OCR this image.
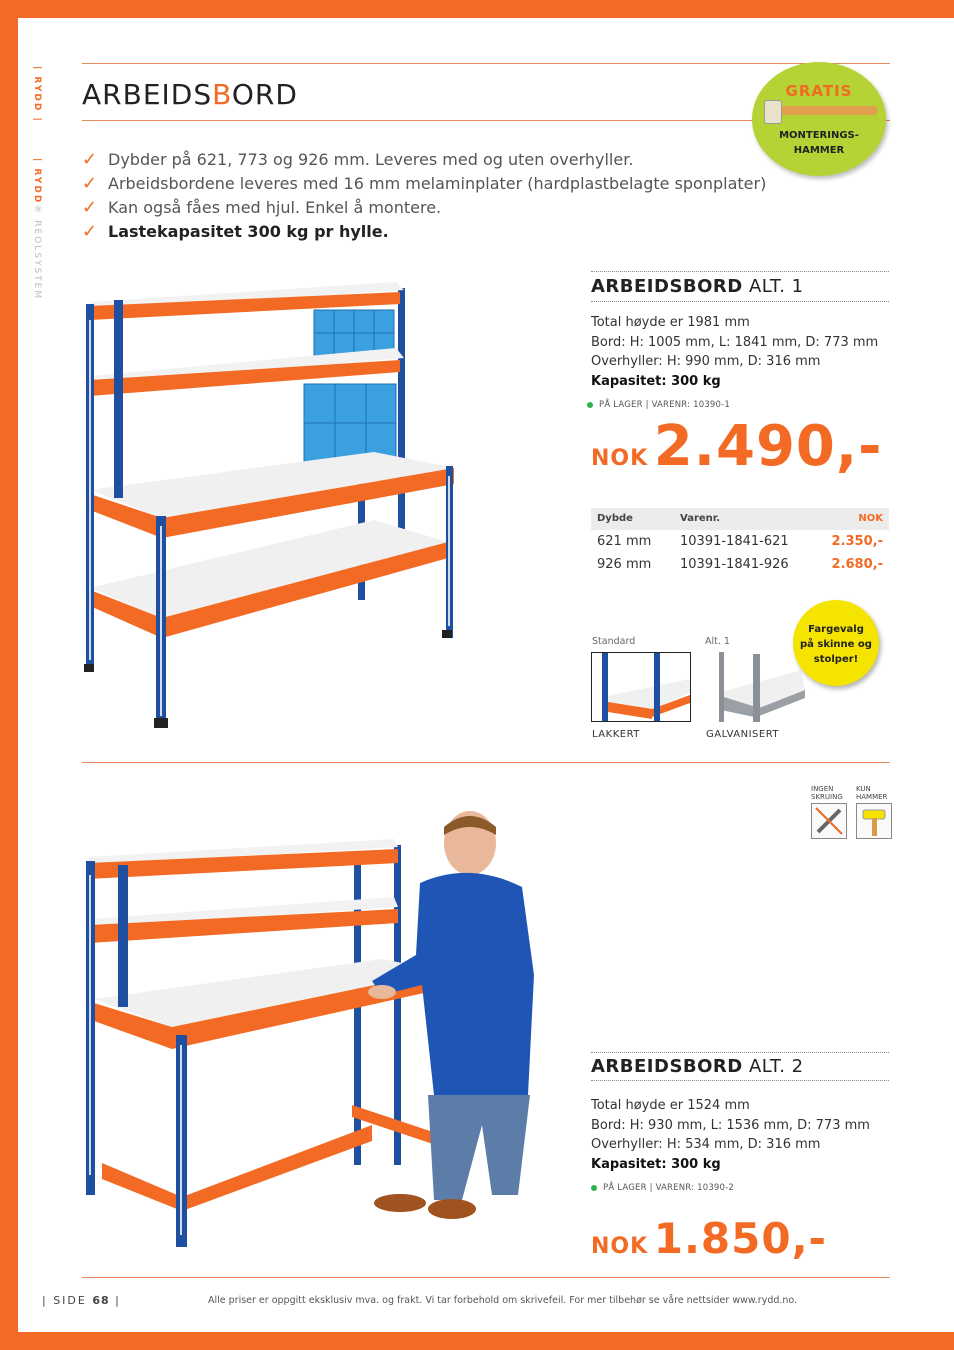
| RYDD |
| RYDD® REOLSYSTEM
ARBEIDSBORD	GRATIS
MONTERINGS-
HAMMER
✓ Dybder på 621, 773 og 926 mm. Leveres med og uten overhyller.
✓ Arbeidsbordene leveres med 16 mm melaminplater (hardplastbelagte sponplater)
✓ Kan også fåes med hjul. Enkel å montere.
✓ Lastekapasitet 300 kg pr hylle.
ARBEIDSBORD ALT. 1
Total høyde er 1981 mm
Bord: H: 1005 mm, L: 1841 mm, D: 773 mm
Overhyller: H: 990 mm, D: 316 mm
Kapasitet: 300 kg
PÅ LAGER | VARENR: 10390-1
NOK 2.490,-
Dybde	Varenr.	NOK
621 mm 10391-1841-621	2.350,-
926 mm 10391-1841-926	2.680,-
Standard	Alt. 1
LAKKERT	GALVANISERT
Fargevalg
på skinne og
stolper!
INGEN
SKRUING
KUN
HAMMER
ARBEIDSBORD ALT. 2
Total høyde er 1524 mm
Bord: H: 930 mm, L: 1536 mm, D: 773 mm
Overhyller: H: 534 mm, D: 316 mm
Kapasitet: 300 kg
PÅ LAGER | VARENR: 10390-2
NOK 1.850,-
| SIDE 68 |	Alle priser er oppgitt eksklusiv mva. og frakt. Vi tar forbehold om skrivefeil. For mer tilbehør se våre nettsider www.rydd.no.
